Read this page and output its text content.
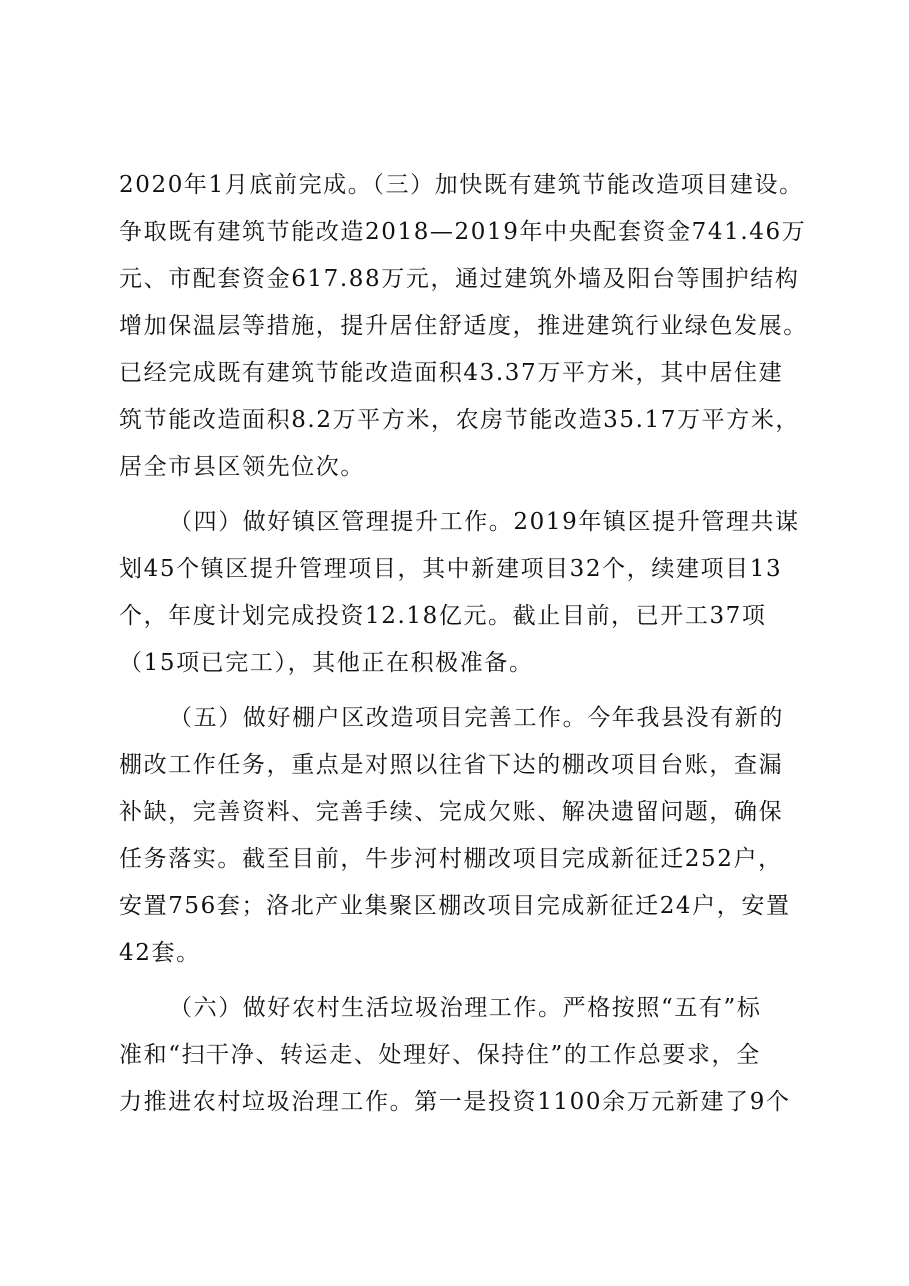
2020年1月底前完成。（三）加快既有建筑节能改造项目建设。
争取既有建筑节能改造2018—2019年中央配套资金741.46万
元、市配套资金617.88万元，通过建筑外墙及阳台等围护结构
增加保温层等措施，提升居住舒适度，推进建筑行业绿色发展。
已经完成既有建筑节能改造面积43.37万平方米，其中居住建
筑节能改造面积8.2万平方米，农房节能改造35.17万平方米，
居全市县区领先位次。
（四）做好镇区管理提升工作。2019年镇区提升管理共谋
划45个镇区提升管理项目，其中新建项目32个，续建项目13
个，年度计划完成投资12.18亿元。截止目前，已开工37项
（15项已完工），其他正在积极准备。
（五）做好棚户区改造项目完善工作。今年我县没有新的
棚改工作任务，重点是对照以往省下达的棚改项目台账，查漏
补缺，完善资料、完善手续、完成欠账、解决遗留问题，确保
任务落实。截至目前，牛步河村棚改项目完成新征迁252户，
安置756套；洛北产业集聚区棚改项目完成新征迁24户，安置
42套。
（六）做好农村生活垃圾治理工作。严格按照“五有”标
准和“扫干净、转运走、处理好、保持住”的工作总要求，全
力推进农村垃圾治理工作。第一是投资1100余万元新建了9个
